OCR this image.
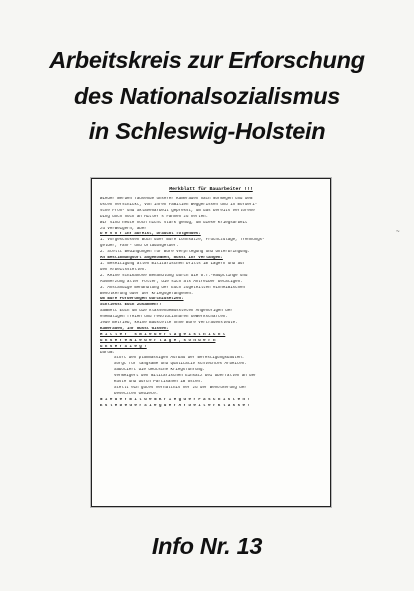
Arbeitskreis zur Erforschung
des Nationalsozialismus
in Schleswig-Holstein
Merkblatt für Bauarbeiter !!!
Wieder werden Tausende unserer Kameraden nach Norwegen und dem
Osten verschickt, von ihren Familien weggerissen und in mörderi-
sche Fron- und Sklavenarbeit gepresst, um das bereits verlorene
Ding doch noch an Hitler's Fahnen zu heften.
Wir sind heute noch nicht stark genug, um diese Kriegsarbeit
zu verweigern, aber
b e v o r ihr abreist, braucht folgendes:
1. Vorgeschossen Buch über Bure Lohnsätze, Fruchtzulage, Trennungs-
gelder, Fahr- und Urlaubsgelder.
2. Stellt Bedingungen für Bure Verpflegung und Unterbringung.
An Bestimmungsort angekommen, müsst Ihr verlangen:
1. Beseitigung allen militärischen Drills im Lagern und auf
den Arbeitsstellen.
2. Keine schikanöse Behandlung durch die O.T.-Häuptlinge und
Ausmerzung aller Folter, die sich als Antreiber betätigen.
3. Anständige Behandlung der Euch zugeteilten einheimischen
Bevölkerung oder der Kriegsgefangenen.
Um Bure Forderungen durchzusetzen:
Schliesst Euch zusammen!!
Sammelt Euch um die klassenbewussteten Angehörigen der
ehemaligen freien und revolutionären Gewerkschaften.
Jede Betrieb, keine Baustelle ohne Bure Vertrauensleute.
Kameraden, Ihr müsst wissen:
H i t l e r ' s N i e d e r l a g e i s t n i c h t
u n s e r e N i e d e r l a g e , s o n d e r n
u n s e r S i e g !
Darum:
Stört den planmässigen Aufbau der Befestigungsbauten.
Sorgt für langsame und qualitativ schlechtes Arbeiten.
Sabotiert die deutsche Kriegsführung.
Verweigert den militärischen Einsatz bei Überfällen an der
Küste und durch Partisanen im Osten.
Stellt ein gutes Verhältnis her zu der Bevölkerung der
besetzten Gebiete.
N i e d e r m i t d e m K r i e g d e r F a s c h i s t e n !
E s l e b e d e r S i e g d e r A r b e i t e r k l a s s e !
~
Info Nr. 13
